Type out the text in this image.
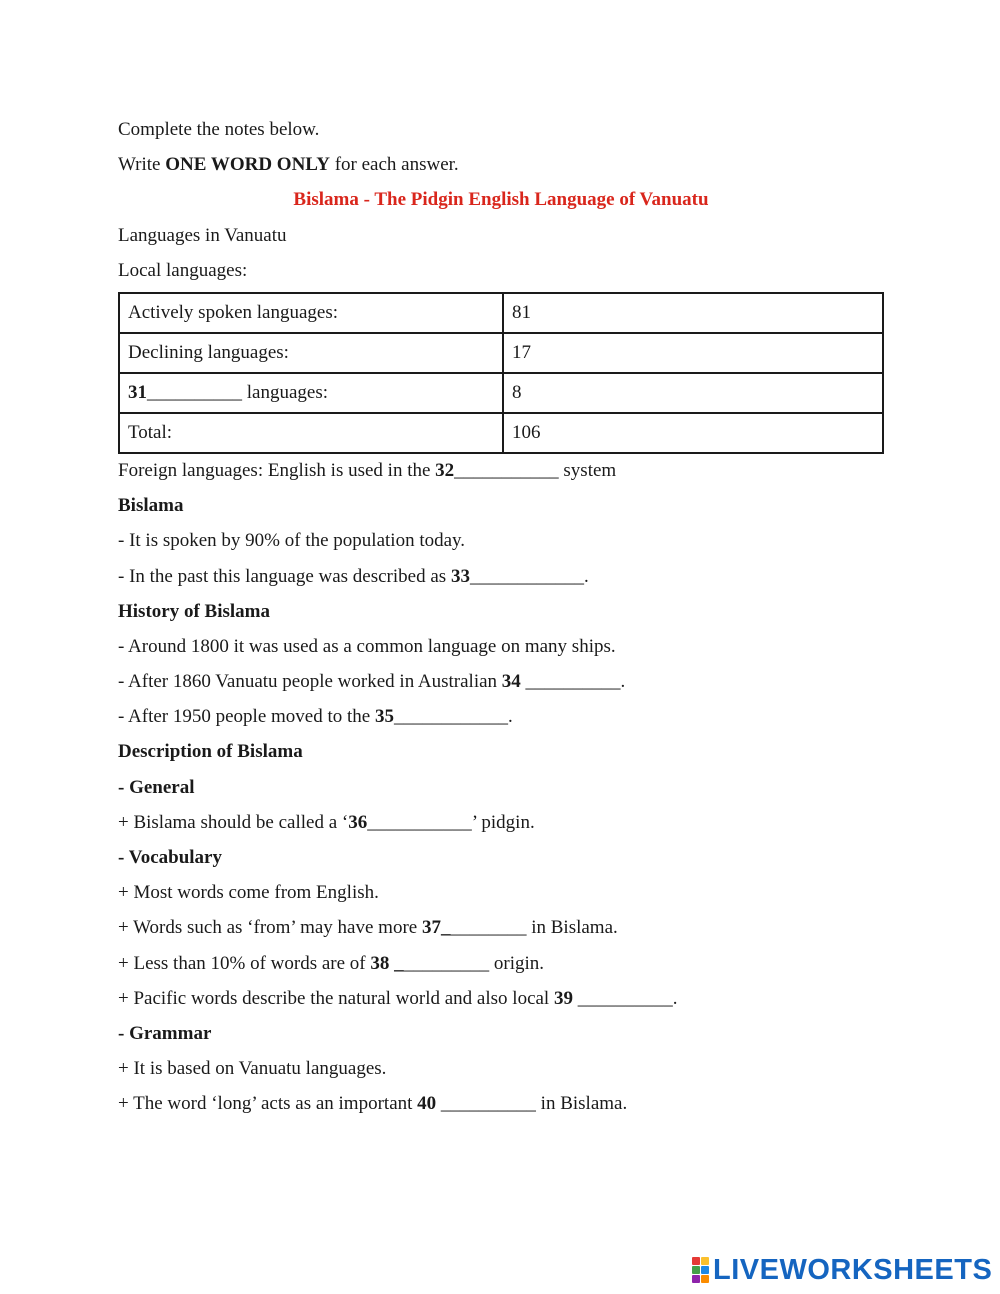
Complete the notes below.
Write ONE WORD ONLY for each answer.
Bislama - The Pidgin English Language of Vanuatu
Languages in Vanuatu
Local languages:
Actively spoken languages:	81
Declining languages:	17
31__________ languages:	8
Total:	106
Foreign languages: English is used in the 32___________ system
Bislama
- It is spoken by 90% of the population today.
- In the past this language was described as 33____________.
History of Bislama
- Around 1800 it was used as a common language on many ships.
- After 1860 Vanuatu people worked in Australian 34 __________.
- After 1950 people moved to the 35____________.
Description of Bislama
- General
+ Bislama should be called a ‘36___________’ pidgin.
- Vocabulary
+ Most words come from English.
+ Words such as ‘from’ may have more 37_________ in Bislama.
+ Less than 10% of words are of 38 __________ origin.
+ Pacific words describe the natural world and also local 39 __________.
- Grammar
+ It is based on Vanuatu languages.
+ The word ‘long’ acts as an important 40 __________ in Bislama.
LIVEWORKSHEETS
